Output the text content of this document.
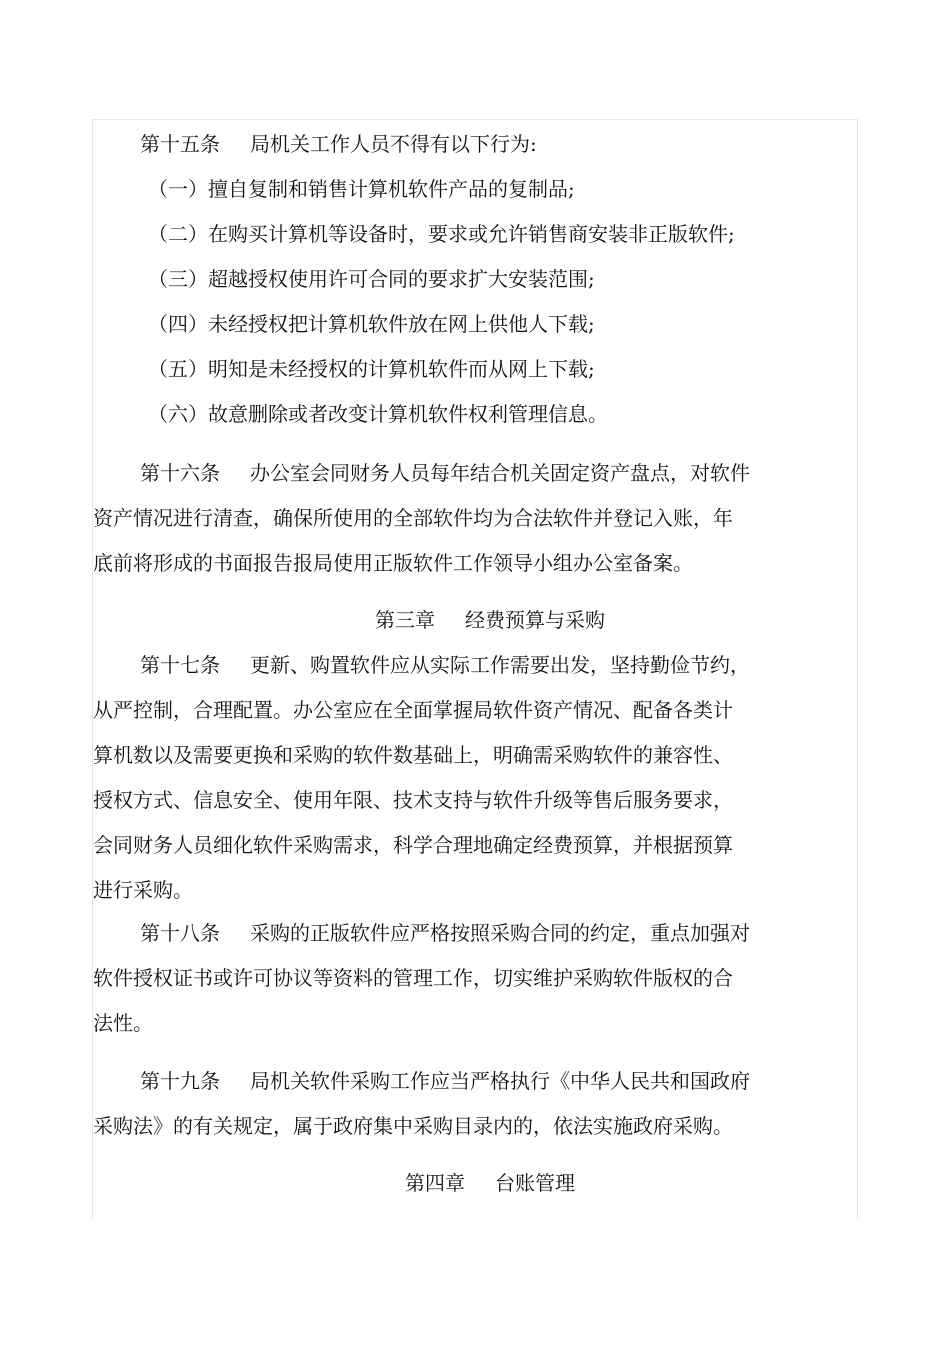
第十五条 局机关工作人员不得有以下行为:
（一）擅自复制和销售计算机软件产品的复制品;
（二）在购买计算机等设备时，要求或允许销售商安装非正版软件;
（三）超越授权使用许可合同的要求扩大安装范围;
（四）未经授权把计算机软件放在网上供他人下载;
（五）明知是未经授权的计算机软件而从网上下载;
（六）故意删除或者改变计算机软件权利管理信息。
第十六条 办公室会同财务人员每年结合机关固定资产盘点，对软件
资产情况进行清查，确保所使用的全部软件均为合法软件并登记入账，年
底前将形成的书面报告报局使用正版软件工作领导小组办公室备案。
第三章 经费预算与采购
第十七条 更新、购置软件应从实际工作需要出发，坚持勤俭节约，
从严控制，合理配置。办公室应在全面掌握局软件资产情况、配备各类计
算机数以及需要更换和采购的软件数基础上，明确需采购软件的兼容性、
授权方式、信息安全、使用年限、技术支持与软件升级等售后服务要求，
会同财务人员细化软件采购需求，科学合理地确定经费预算，并根据预算
进行采购。
第十八条 采购的正版软件应严格按照采购合同的约定，重点加强对
软件授权证书或许可协议等资料的管理工作，切实维护采购软件版权的合
法性。
第十九条 局机关软件采购工作应当严格执行《中华人民共和国政府
采购法》的有关规定，属于政府集中采购目录内的，依法实施政府采购。
第四章 台账管理
